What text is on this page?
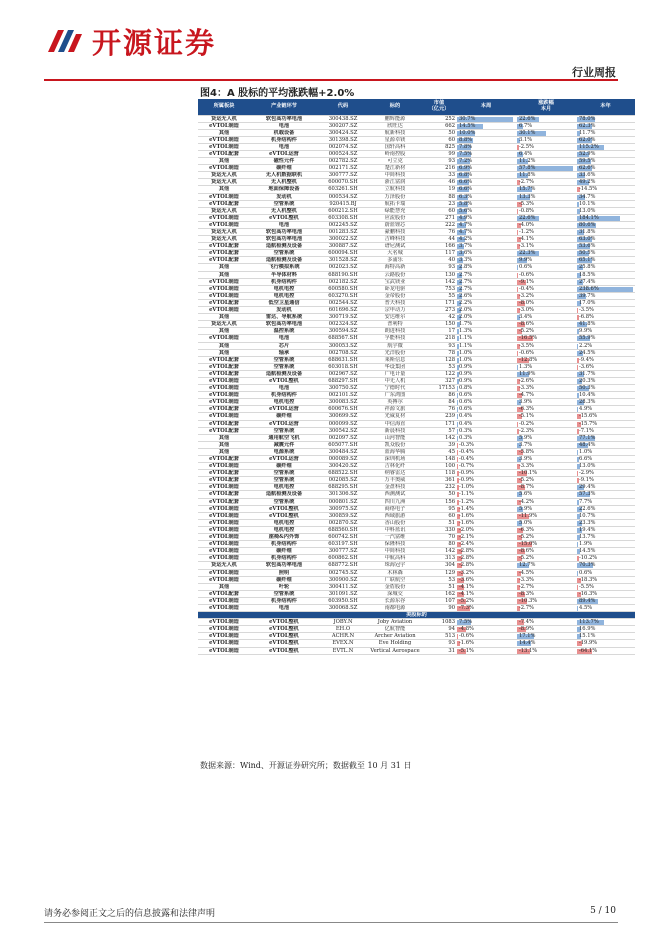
开源证券
行业周报
图4：A 股标的平均涨跌幅+2.0%
所属板块	产业链环节	代码	标的	市值
（亿元）	本周	涨跌幅
本月	本年
货运无人机	软包高功率电池	300438.SZ	鹏辉能源	252	30.7%	22.6%	78.0%
eVTOL制造	电池	300207.SZ	欣旺达	662	14.5%	6.7%	62.3%
其他	机载设备	300424.SZ	航新科技	50	10.0%	30.1%	11.7%
eVTOL制造	机身结构件	301398.SZ	星源卓镁	60	8.8%	3.1%	62.0%
eVTOL制造	电池	002074.SZ	国轩高科	825	7.8%	-2.5%	115.2%
eVTOL配套	eVTOL运营	000524.SZ	岭南控股	99	7.5%	6.4%	52.9%
其他	磁性元件	002782.SZ	可立克	93	7.2%	11.2%	59.5%
eVTOL制造	碳纤维	002171.SZ	楚江新材	216	6.9%	57.8%	62.6%
货运无人机	无人机数据联机	300777.SZ	中简科技	33	6.8%	11.8%	33.6%
货运无人机	无人机整机	600070.SH	浙江富润	46	6.6%	-2.7%	49.2%
其他	地面保障设备	603261.SH	立航科技	19	6.6%	15.7%	-14.5%
eVTOL制造	发动机	000534.SZ	万泽股份	88	6.3%	13.3%	34.7%
eVTOL配套	空管系统	920415.BJ	航拓卡瑞	23	5.8%	-5.3%	10.1%
货运无人机	无人机整机	600212.SH	绿能慧充	60	5.6%	-0.8%	13.0%
eVTOL制造	eVTOL整机	603308.SH	应流股份	271	4.9%	22.6%	184.1%
eVTOL制造	电池	002245.SZ	蔚蓝锂芯	222	4.7%	-4.0%	80.6%
货运无人机	软包高功率电池	001283.SZ	豪鹏科技	76	4.7%	-1.2%	31.8%
货运无人机	软包高功率电池	300022.SZ	吉峰科技	44	4.2%	-4.1%	63.0%
eVTOL配套	适航检测及设备	300887.SZ	谱尼测试	166	3.7%	-3.1%	53.6%
eVTOL配套	空管系统	600094.SH	大名城	117	3.6%	22.3%	50.5%
eVTOL配套	适航检测及设备	301528.SZ	多浦乐	40	3.3%	9.9%	65.1%
其他	飞行模拟系统	002023.SZ	海特高新	93	2.8%	0.6%	25.8%
其他	半导体材料	688190.SH	云路股份	130	2.7%	-0.6%	18.5%
eVTOL制造	机身结构件	002182.SZ	宝武镁业	142	2.7%	-9.1%	27.4%
eVTOL制造	电机电控	600580.SH	卧龙电驱	753	2.7%	-0.4%	238.6%
eVTOL制造	电机电控	603270.SH	金帝股份	55	2.6%	-3.2%	39.7%
eVTOL配套	低空卫星通信	002544.SZ	普天科技	171	2.2%	-8.0%	17.0%
eVTOL制造	发动机	601696.SZ	宗申动力	273	2.0%	-3.0%	-3.5%
其他	雷达、导航系统	300719.SZ	安达维尔	42	2.0%	3.4%	-6.8%
货运无人机	软包高功率电池	002324.SZ	普利特	150	1.7%	-8.6%	41.8%
其他	温控系统	300594.SZ	朗进科技	17	1.3%	-5.2%	9.9%
eVTOL制造	电池	688567.SH	孚能科技	218	1.1%	-16.5%	55.9%
其他	芯片	300053.SZ	航宇微	93	1.1%	-3.5%	2.2%
其他	轴承	002708.SZ	光洋股份	78	1.0%	-0.6%	24.5%
eVTOL配套	空管系统	688631.SH	莱斯信息	128	1.0%	-12.8%	-9.4%
eVTOL配套	空管系统	603018.SH	华设集团	53	0.9%	1.3%	-3.6%
eVTOL配套	适航检测及设备	002967.SZ	广电计量	122	0.9%	11.9%	31.7%
eVTOL制造	eVTOL整机	688297.SH	中无人机	327	0.9%	-2.6%	20.3%
eVTOL制造	电池	300750.SZ	宁德时代	17153	0.8%	-3.3%	50.3%
eVTOL制造	机身结构件	002101.SZ	广东鸿图	86	0.6%	-4.7%	10.4%
eVTOL制造	电机电控	300083.SZ	英搏尔	84	0.6%	3.9%	28.3%
eVTOL配套	eVTOL运营	600676.SH	祥源文旅	76	0.6%	-6.3%	4.9%
eVTOL制造	碳纤维	300699.SZ	光威复材	239	0.4%	-5.1%	-15.6%
eVTOL配套	eVTOL运营	000099.SZ	中信海直	171	0.4%	-0.2%	-15.7%
eVTOL配套	空管系统	300542.SZ	新晨科技	57	0.3%	-2.3%	-7.1%
其他	通用航空飞机	002097.SZ	山河智能	142	0.3%	5.9%	77.1%
其他	减震元件	605077.SH	凯众股份	39	-0.3%	3.7%	48.4%
其他	电源系统	300484.SZ	蓝海华腾	45	-0.4%	-5.8%	1.0%
eVTOL配套	eVTOL运营	000089.SZ	深圳机场	148	-0.4%	3.9%	6.6%
eVTOL制造	碳纤维	300420.SZ	吉林化纤	100	-0.7%	-3.3%	13.0%
eVTOL配套	空管系统	688522.SH	纳睿雷达	118	-0.9%	-10.1%	-2.9%
eVTOL配套	空管系统	002085.SZ	万丰奥威	361	-0.9%	-5.2%	-9.1%
eVTOL制造	电机电控	688295.SH	金盘科技	232	-1.0%	-8.7%	29.4%
eVTOL配套	适航检测及设备	301306.SZ	西测测试	50	-1.1%	5.6%	57.3%
eVTOL配套	空管系统	000801.SZ	四川九洲	156	-1.2%	-4.2%	7.7%
eVTOL制造	eVTOL整机	300975.SZ	商络电子	95	-1.4%	5.9%	22.6%
eVTOL制造	eVTOL整机	300859.SZ	西域旅游	60	-1.6%	-11.9%	10.7%
eVTOL制造	电机电控	002870.SZ	香山股份	51	-1.6%	5.0%	23.3%
eVTOL制造	电机电控	688560.SH	中科蓝讯	330	-2.0%	-6.3%	19.4%
eVTOL制造	座椅&内外饰	600742.SH	一汽富维	70	-2.1%	-5.2%	13.7%
eVTOL制造	机身结构件	603197.SH	保隆科技	80	-2.4%	-15.0%	1.9%
eVTOL制造	碳纤维	300777.SZ	中简科技	142	-2.8%	-8.6%	14.5%
eVTOL制造	机身结构件	600862.SH	中航高科	313	-2.8%	-5.2%	-10.2%
货运无人机	软包高功率电池	688772.SH	珠海冠宇	304	-2.8%	12.7%	70.3%
eVTOL制造	照明	002745.SZ	木林森	129	-3.2%	-4.5%	0.6%
eVTOL制造	碳纤维	300900.SZ	广联航空	53	-3.6%	-3.3%	-18.3%
其他	叶轮	300411.SZ	金盾股份	51	-4.1%	-2.7%	-5.5%
eVTOL配套	空管系统	301091.SZ	深城交	162	-4.1%	-8.3%	-16.3%
eVTOL制造	机身结构件	603950.SH	长源东谷	107	-5.2%	-10.3%	89.4%
eVTOL制造	电池	300068.SZ	南都电源	90	-7.3%	-2.7%	4.5%
美股标的							
eVTOL制造	eVTOL整机	JOBY.N	Joby Aviation	1083	7.5%	-7.4%	113.7%
eVTOL制造	eVTOL整机	EH.O	亿航智能	94	-4.8%	-8.9%	16.9%
eVTOL制造	eVTOL整机	ACHR.N	Archer Aviation	513	-0.6%	17.1%	15.1%
eVTOL制造	eVTOL整机	EVEX.N	Eve Holding	93	-1.6%	14.4%	-19.9%
eVTOL制造	eVTOL整机	EVTL.N	Vertical Aerospace	31	-5.1%	-13.1%	-64.1%
数据来源：Wind、开源证券研究所；数据截至 10 月 31 日
请务必参阅正文之后的信息披露和法律声明	5 / 10
